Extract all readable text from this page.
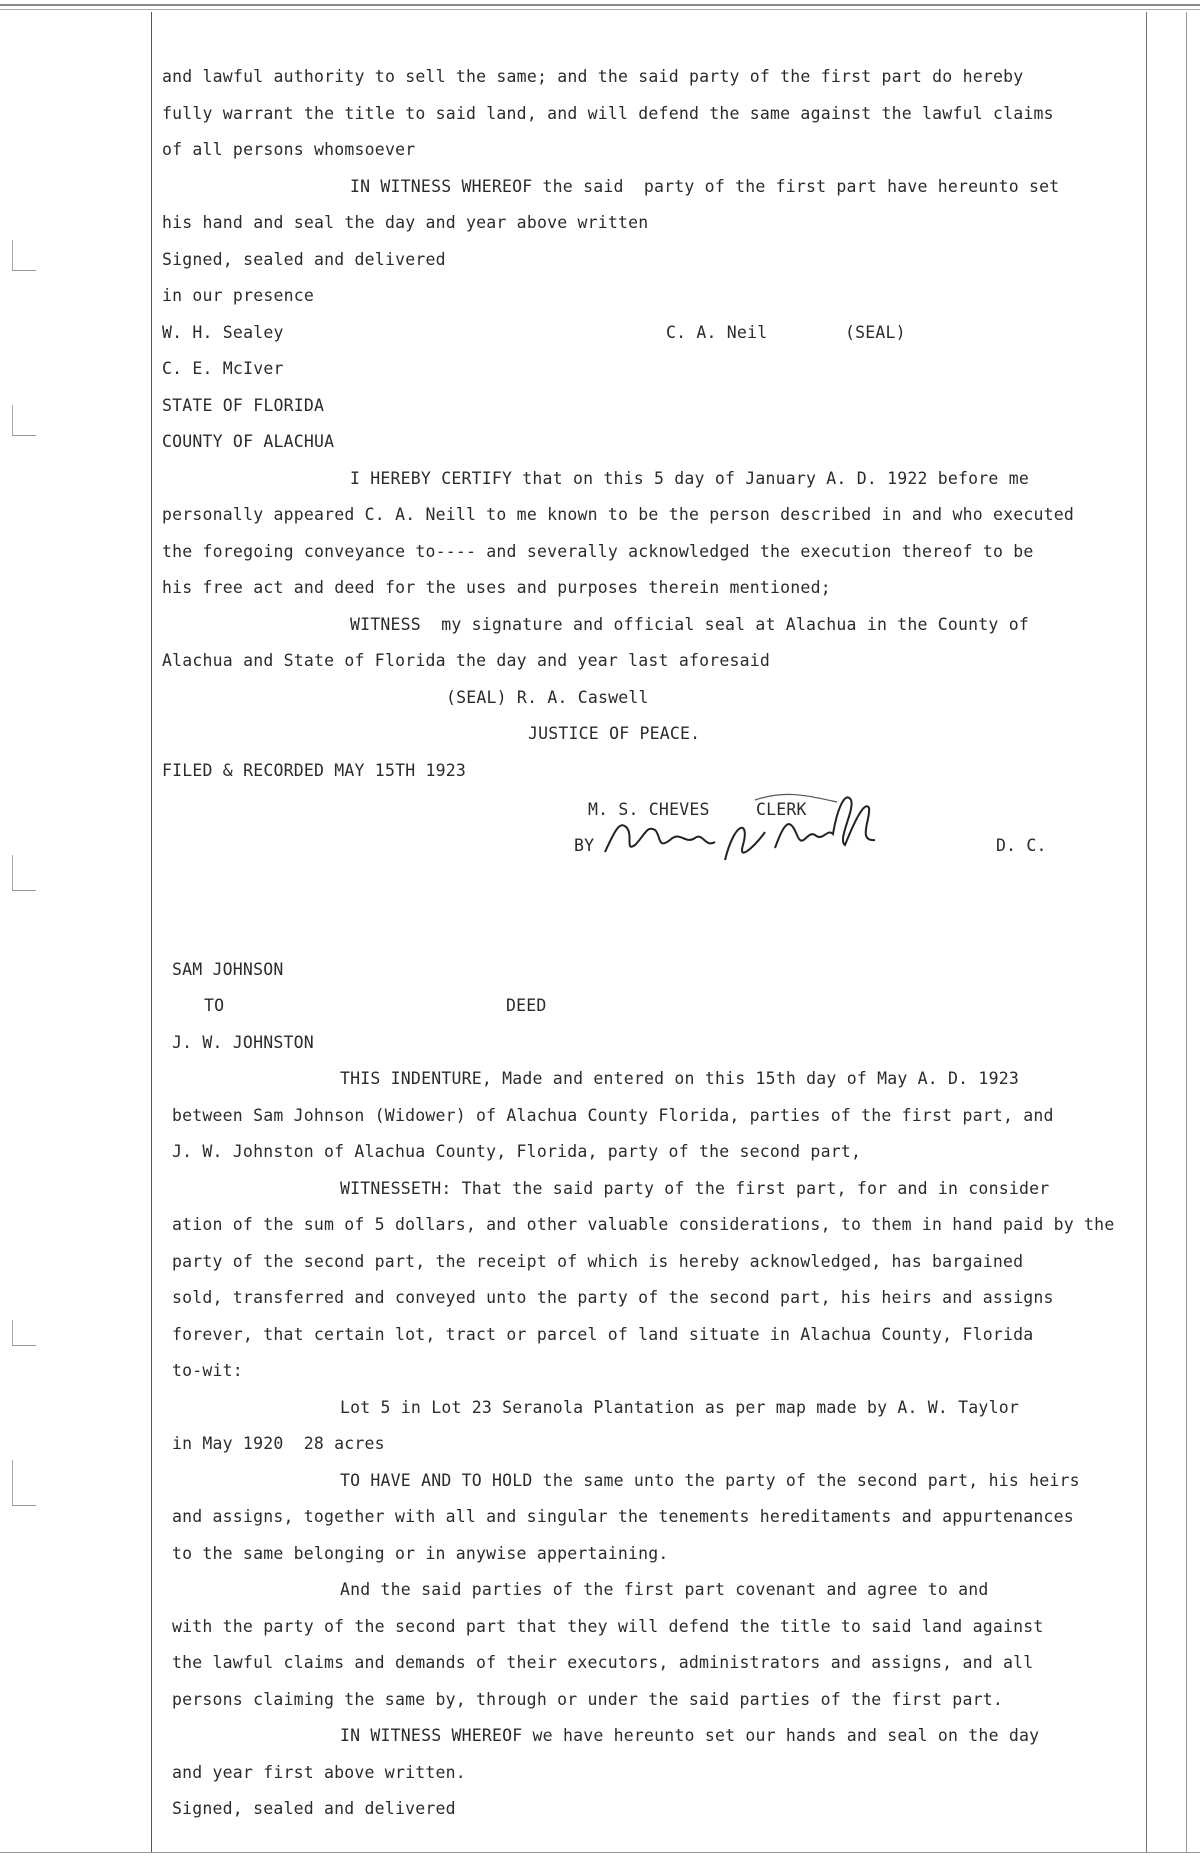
and lawful authority to sell the same; and the said party of the first part do hereby
fully warrant the title to said land, and will defend the same against the lawful claims
of all persons whomsoever
IN WITNESS WHEREOF the said  party of the first part have hereunto set
his hand and seal the day and year above written
Signed, sealed and delivered
in our presence
W. H. Sealey	C. A. Neil	(SEAL)
C. E. McIver
STATE OF FLORIDA
COUNTY OF ALACHUA
I HEREBY CERTIFY that on this 5 day of January A. D. 1922 before me
personally appeared C. A. Neill to me known to be the person described in and who executed
the foregoing conveyance to---- and severally acknowledged the execution thereof to be
his free act and deed for the uses and purposes therein mentioned;
WITNESS  my signature and official seal at Alachua in the County of
Alachua and State of Florida the day and year last aforesaid
(SEAL) R. A. Caswell
JUSTICE OF PEACE.
FILED & RECORDED MAY 15TH 1923
M. S. CHEVES	CLERK
BY	D. C.
SAM JOHNSON
TO	DEED
J. W. JOHNSTON
THIS INDENTURE, Made and entered on this 15th day of May A. D. 1923
between Sam Johnson (Widower) of Alachua County Florida, parties of the first part, and
J. W. Johnston of Alachua County, Florida, party of the second part,
WITNESSETH: That the said party of the first part, for and in consider
ation of the sum of 5 dollars, and other valuable considerations, to them in hand paid by the
party of the second part, the receipt of which is hereby acknowledged, has bargained
sold, transferred and conveyed unto the party of the second part, his heirs and assigns
forever, that certain lot, tract or parcel of land situate in Alachua County, Florida
to-wit:
Lot 5 in Lot 23 Seranola Plantation as per map made by A. W. Taylor
in May 1920  28 acres
TO HAVE AND TO HOLD the same unto the party of the second part, his heirs
and assigns, together with all and singular the tenements hereditaments and appurtenances
to the same belonging or in anywise appertaining.
And the said parties of the first part covenant and agree to and
with the party of the second part that they will defend the title to said land against
the lawful claims and demands of their executors, administrators and assigns, and all
persons claiming the same by, through or under the said parties of the first part.
IN WITNESS WHEREOF we have hereunto set our hands and seal on the day
and year first above written.
Signed, sealed and delivered
